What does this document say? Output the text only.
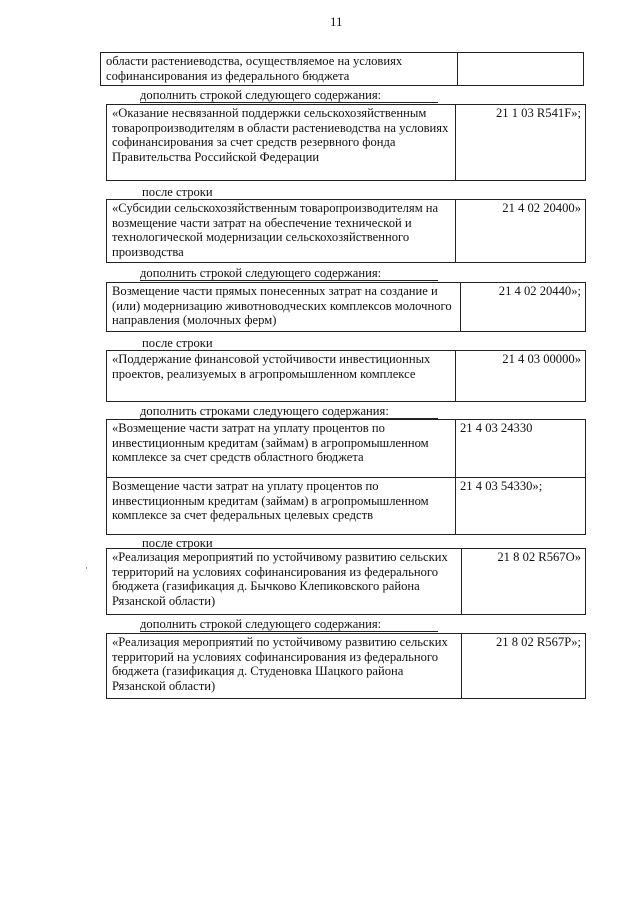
11
области растениеводства, осуществляемое на условиях софинансирования из федерального бюджета
дополнить строкой следующего содержания:
«Оказание несвязанной поддержки сельскохозяйственным товаропроизводителям в области растениеводства на условиях софинансирования за счет средств резервного фонда Правительства Российской Федерации
21 1 03 R541F»;
после строки
«Субсидии сельскохозяйственным товаропроизводителям на возмещение части затрат на обеспечение технической и технологической модернизации сельскохозяйственного производства
21 4 02 20400»
дополнить строкой следующего содержания:
Возмещение части прямых понесенных затрат на создание и (или) модернизацию животноводческих комплексов молочного направления (молочных ферм)
21 4 02 20440»;
после строки
«Поддержание финансовой устойчивости инвестиционных проектов, реализуемых в агропромышленном комплексе
21 4 03 00000»
дополнить строками следующего содержания:
«Возмещение части затрат на уплату процентов по инвестиционным кредитам (займам) в агропромышленном комплексе за счет средств областного бюджета
21 4 03 24330
Возмещение части затрат на уплату процентов по инвестиционным кредитам (займам) в агропромышленном комплексе за счет федеральных целевых средств
21 4 03 54330»;
после строки
·
«Реализация мероприятий по устойчивому развитию сельских территорий на условиях софинансирования из федерального бюджета (газификация д. Бычково Клепиковского района Рязанской области)
21 8 02 R567O»
дополнить строкой следующего содержания:
«Реализация мероприятий по устойчивому развитию сельских территорий на условиях софинансирования из федерального бюджета (газификация д. Студеновка Шацкого района Рязанской области)
21 8 02 R567P»;
